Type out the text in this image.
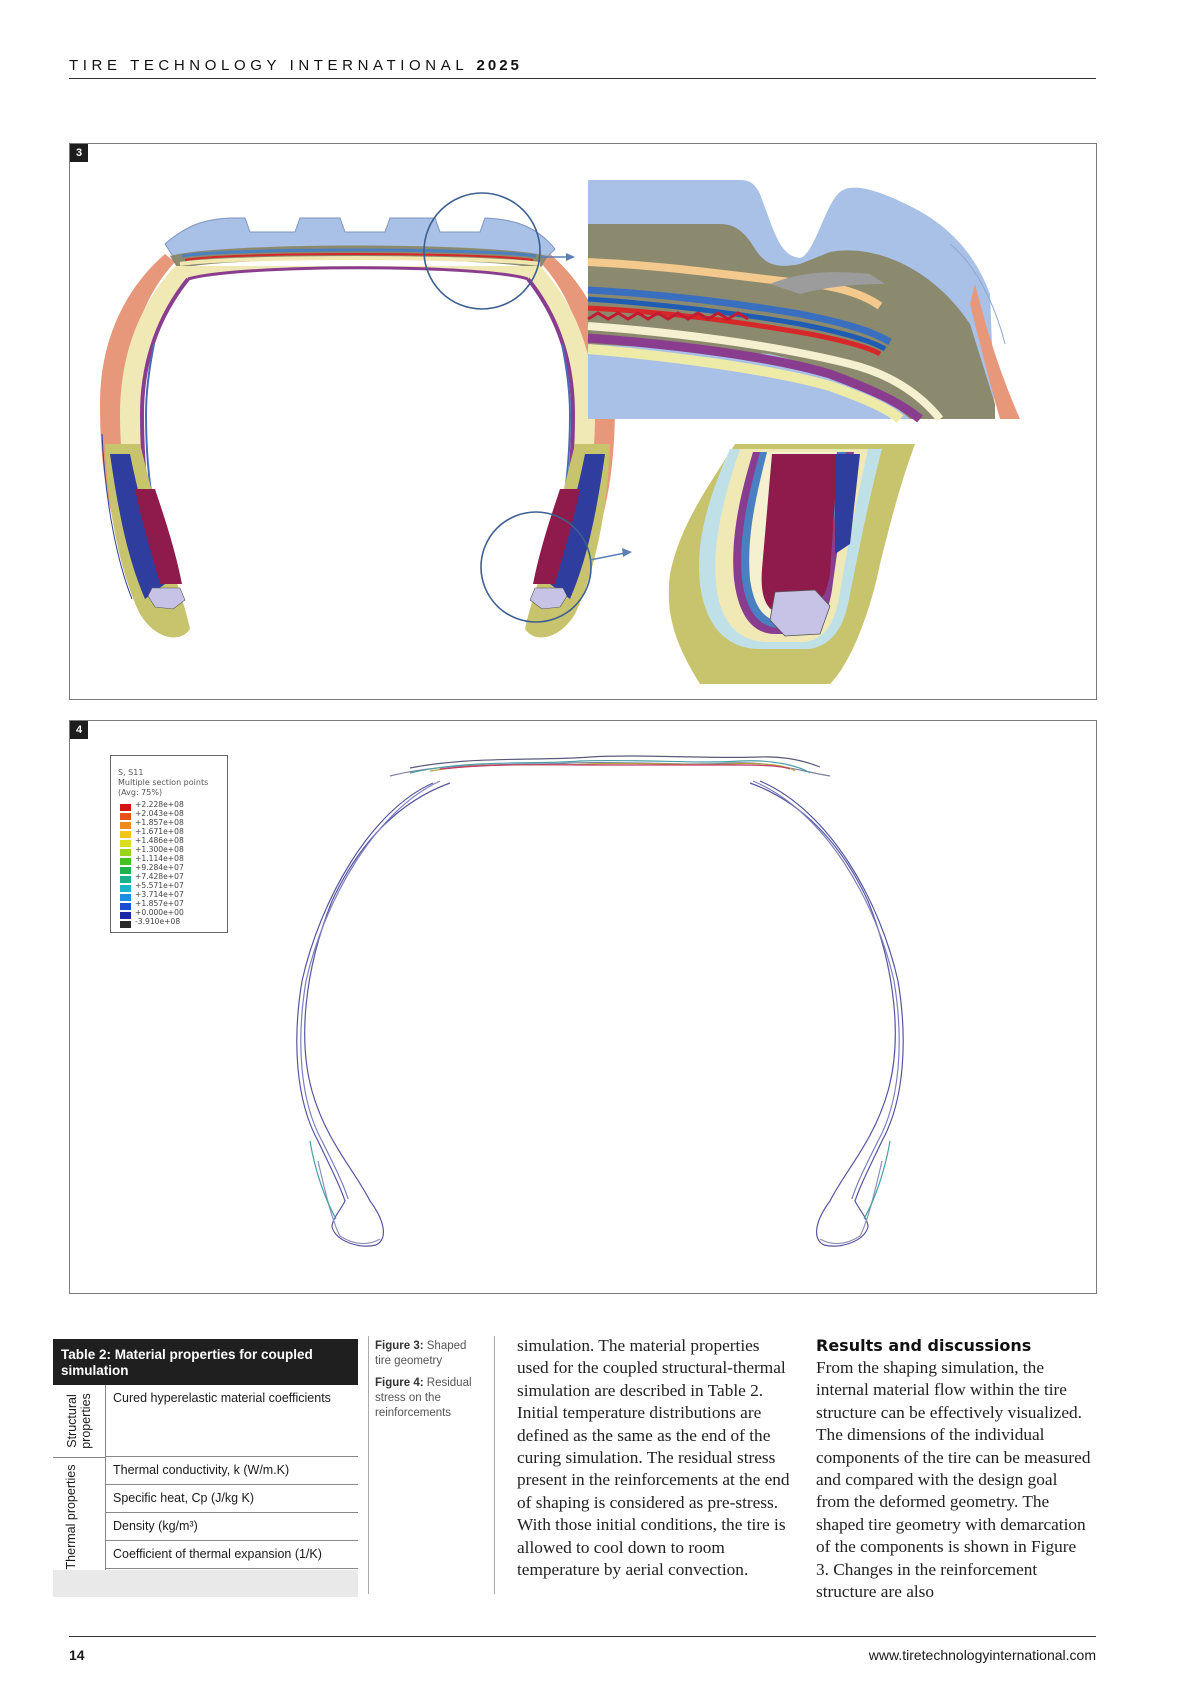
TIRE TECHNOLOGY INTERNATIONAL 2025
3
4
S, S11
Multiple section points
(Avg: 75%)
+2.228e+08
+2.043e+08
+1.857e+08
+1.671e+08
+1.486e+08
+1.300e+08
+1.114e+08
+9.284e+07
+7.428e+07
+5.571e+07
+3.714e+07
+1.857e+07
+0.000e+00
-3.910e+08
Table 2: Material properties for coupled simulation
Structural properties	Cured hyperelastic material coefficients
Thermal properties	Thermal conductivity, k (W/m.K)
Specific heat, Cp (J/kg K)
Density (kg/m³)
Coefficient of thermal expansion (1/K)

Figure 3: Shaped tire geometry

Figure 4: Residual stress on the reinforcements

simulation. The material properties used for the coupled structural-thermal simulation are described in Table 2. Initial temperature distributions are defined as the same as the end of the curing simulation. The residual stress present in the reinforcements at the end of shaping is considered as pre-stress. With those initial conditions, the tire is allowed to cool down to room temperature by aerial convection.

Results and discussions

From the shaping simulation, the internal material flow within the tire structure can be effectively visualized. The dimensions of the individual components of the tire can be measured and compared with the design goal from the deformed geometry. The shaped tire geometry with demarcation of the components is shown in Figure 3. Changes in the reinforcement structure are also

14	www.tiretechnologyinternational.com
